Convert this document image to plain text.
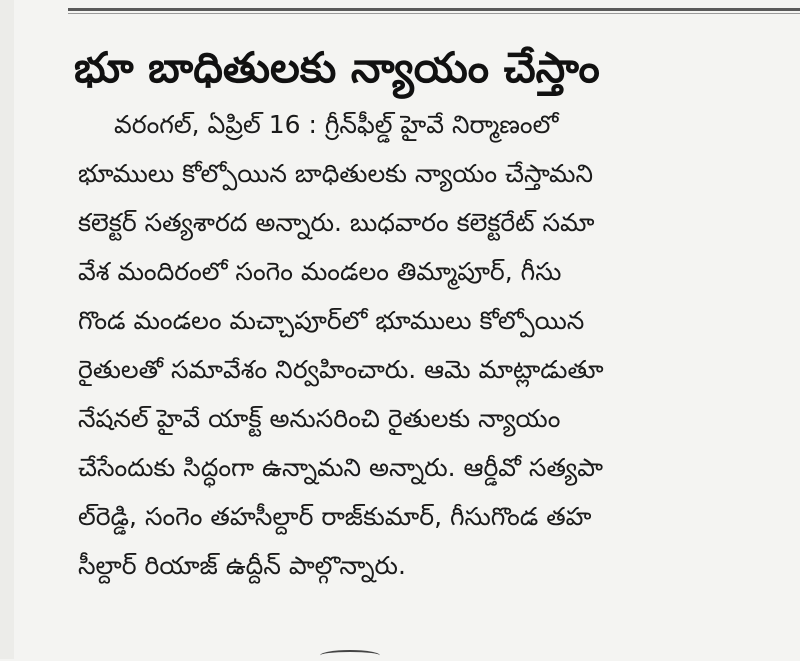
భూ బాధితులకు న్యాయం చేస్తాం
వరంగల్, ఏప్రిల్ 16 : గ్రీన్‌ఫీల్డ్ హైవే నిర్మాణంలో
భూములు కోల్పోయిన బాధితులకు న్యాయం చేస్తామని
కలెక్టర్ సత్యశారద అన్నారు. బుధవారం కలెక్టరేట్ సమా
వేశ మందిరంలో సంగెం మండలం తిమ్మాపూర్, గీసు
గొండ మండలం మచ్చాపూర్‌లో భూములు కోల్పోయిన
రైతులతో సమావేశం నిర్వహించారు. ఆమె మాట్లాడుతూ
నేషనల్ హైవే యాక్ట్ అనుసరించి రైతులకు న్యాయం
చేసేందుకు సిద్ధంగా ఉన్నామని అన్నారు. ఆర్డీవో సత్యపా
ల్‌రెడ్డి, సంగెం తహసీల్దార్ రాజ్‌కుమార్, గీసుగొండ తహ
సీల్దార్ రియాజ్ ఉద్దీన్ పాల్గొన్నారు.
